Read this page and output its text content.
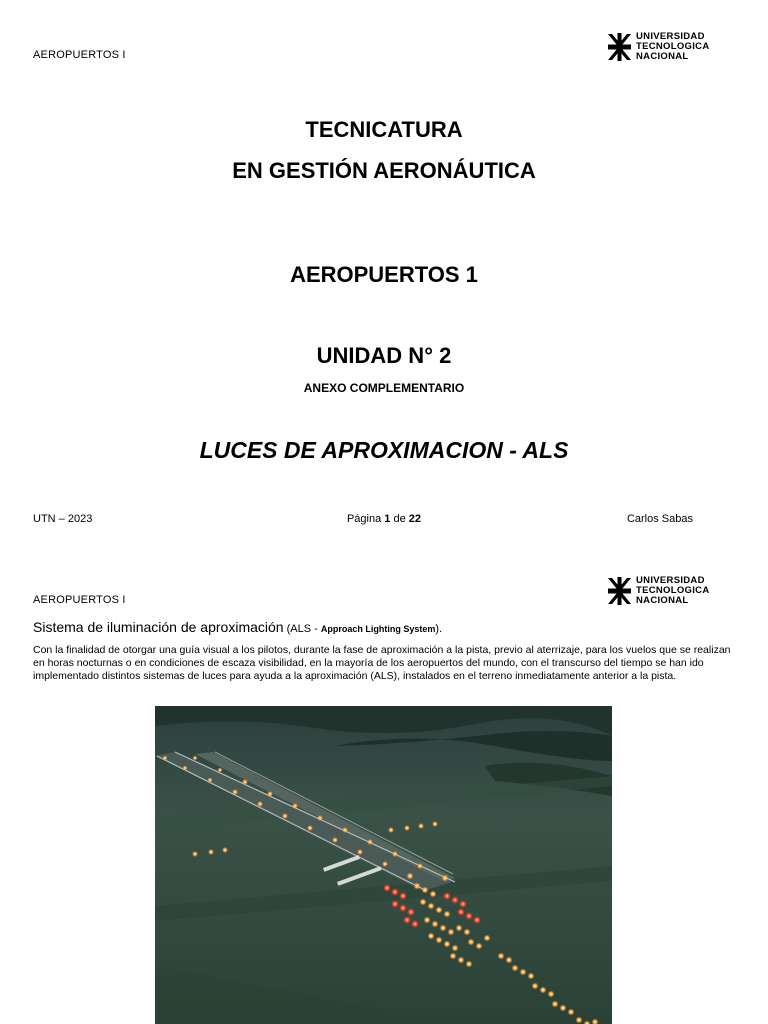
AEROPUERTOS I
UNIVERSIDAD
TECNOLOGICA
NACIONAL
TECNICATURA
EN GESTIÓN AERONÁUTICA
AEROPUERTOS 1
UNIDAD N° 2
ANEXO COMPLEMENTARIO
LUCES DE APROXIMACION - ALS
UTN – 2023	Página 1 de 22	Carlos Sabas
AEROPUERTOS I
UNIVERSIDAD
TECNOLOGICA
NACIONAL
Sistema de iluminación de aproximación (ALS - Approach Lighting System).
Con la finalidad de otorgar una guía visual a los pilotos, durante la fase de aproximación a la pista, previo al aterrizaje, para los vuelos que se realizan en horas nocturnas o en condiciones de escaza visibilidad, en la mayoría de los aeropuertos del mundo, con el transcurso del tiempo se han ido implementado distintos sistemas de luces para ayuda a la aproximación (ALS), instalados en el terreno inmediatamente anterior a la pista.
